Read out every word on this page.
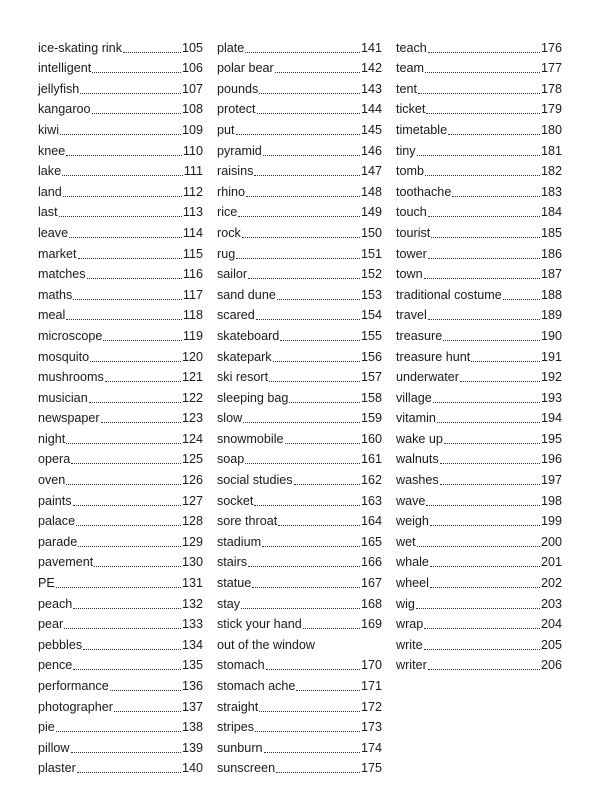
ice-skating rink	105
intelligent	106
jellyfish	107
kangaroo	108
kiwi	109
knee	110
lake	111
land	112
last	113
leave	114
market	115
matches	116
maths	117
meal	118
microscope	119
mosquito	120
mushrooms	121
musician	122
newspaper	123
night	124
opera	125
oven	126
paints	127
palace	128
parade	129
pavement	130
PE	131
peach	132
pear	133
pebbles	134
pence	135
performance	136
photographer	137
pie	138
pillow	139
plaster	140
plate	141
polar bear	142
pounds	143
protect	144
put	145
pyramid	146
raisins	147
rhino	148
rice	149
rock	150
rug	151
sailor	152
sand dune	153
scared	154
skateboard	155
skatepark	156
ski resort	157
sleeping bag	158
slow	159
snowmobile	160
soap	161
social studies	162
socket	163
sore throat	164
stadium	165
stairs	166
statue	167
stay	168
stick your hand	169
out of the window
stomach	170
stomach ache	171
straight	172
stripes	173
sunburn	174
sunscreen	175
teach	176
team	177
tent	178
ticket	179
timetable	180
tiny	181
tomb	182
toothache	183
touch	184
tourist	185
tower	186
town	187
traditional costume	188
travel	189
treasure	190
treasure hunt	191
underwater	192
village	193
vitamin	194
wake up	195
walnuts	196
washes	197
wave	198
weigh	199
wet	200
whale	201
wheel	202
wig	203
wrap	204
write	205
writer	206
